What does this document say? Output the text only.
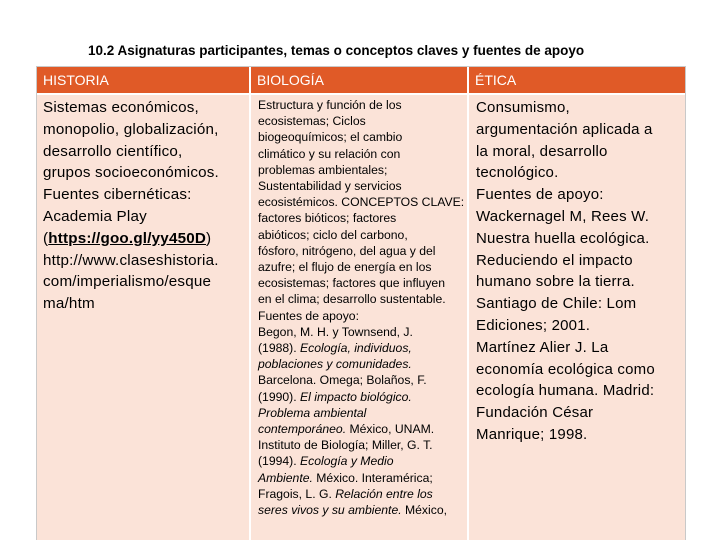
10.2 Asignaturas participantes, temas o conceptos claves y fuentes de apoyo
HISTORIA	BIOLOGÍA	ÉTICA
Sistemas económicos,
monopolio, globalización,
desarrollo científico,
grupos socioeconómicos.
Fuentes cibernéticas:
Academia Play
(https://goo.gl/yy450D)
http://www.claseshistoria.
com/imperialismo/esque
ma/htm
Estructura y función de los
ecosistemas; Ciclos
biogeoquímicos; el cambio
climático y su relación con
problemas ambientales;
Sustentabilidad y servicios
ecosistémicos. CONCEPTOS CLAVE:
factores bióticos; factores
abióticos; ciclo del carbono,
fósforo, nitrógeno, del agua y del
azufre; el flujo de energía en los
ecosistemas; factores que influyen
en el clima; desarrollo sustentable.
Fuentes de apoyo:
Begon, M. H. y Townsend, J.
(1988). Ecología, individuos,
poblaciones y comunidades.
Barcelona. Omega; Bolaños, F.
(1990). El impacto biológico.
Problema ambiental
contemporáneo. México, UNAM.
Instituto de Biología; Miller, G. T.
(1994). Ecología y Medio
Ambiente. México. Interamérica;
Fragois, L. G. Relación entre los
seres vivos y su ambiente. México,
Consumismo,
argumentación aplicada a
la moral, desarrollo
tecnológico.
Fuentes de apoyo:
Wackernagel M, Rees W.
Nuestra huella ecológica.
Reduciendo el impacto
humano sobre la tierra.
Santiago de Chile: Lom
Ediciones; 2001.
Martínez Alier J. La
economía ecológica como
ecología humana. Madrid:
Fundación César
Manrique; 1998.
